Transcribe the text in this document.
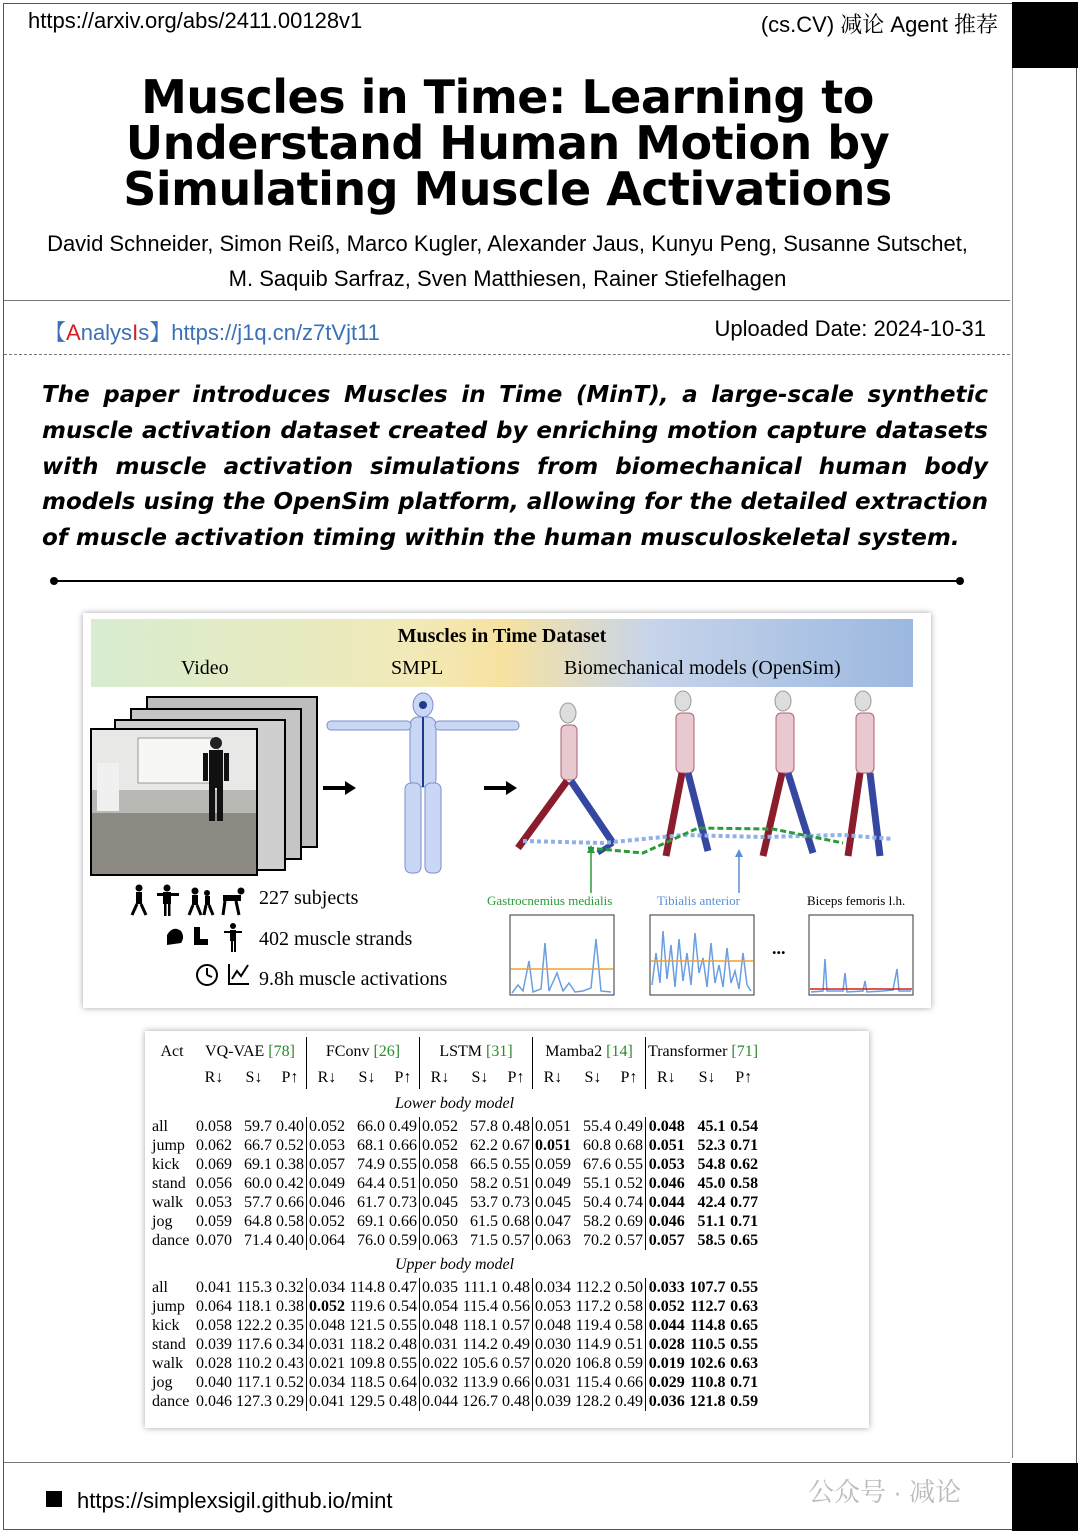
https://arxiv.org/abs/2411.00128v1	(cs.CV) 减论 Agent 推荐
Muscles in Time: Learning to Understand Human Motion by Simulating Muscle Activations
David Schneider, Simon Reiß, Marco Kugler, Alexander Jaus, Kunyu Peng, Susanne Sutschet, M. Saquib Sarfraz, Sven Matthiesen, Rainer Stiefelhagen
【AnalysIs】https://j1q.cn/z7tVjt11	Uploaded Date: 2024-10-31
The paper introduces Muscles in Time (MinT), a large-scale synthetic muscle activation dataset created by enriching motion capture datasets with muscle activation simulations from biomechanical human body models using the OpenSim platform, allowing for the detailed extraction of muscle activation timing within the human musculoskeletal system.
Muscles in Time Dataset
Video	SMPL	Biomechanical models (OpenSim)
227 subjects
402 muscle strands
9.8h muscle activations
Gastrocnemius medialis	Tibialis anterior	Biceps femoris l.h.
...
Act	VQ-VAE [78]			FConv [26]			LSTM [31]			Mamba2 [14]			Transformer [71]		
	R↓	S↓	P↑	R↓	S↓	P↑	R↓	S↓	P↑	R↓	S↓	P↑	R↓	S↓	P↑
Lower body model															
all	0.058	59.7	0.40	0.052	66.0	0.49	0.052	57.8	0.48	0.051	55.4	0.49	0.048	45.1	0.54
jump	0.062	66.7	0.52	0.053	68.1	0.66	0.052	62.2	0.67	0.051	60.8	0.68	0.051	52.3	0.71
kick	0.069	69.1	0.38	0.057	74.9	0.55	0.058	66.5	0.55	0.059	67.6	0.55	0.053	54.8	0.62
stand	0.056	60.0	0.42	0.049	64.4	0.51	0.050	58.2	0.51	0.049	55.1	0.52	0.046	45.0	0.58
walk	0.053	57.7	0.66	0.046	61.7	0.73	0.045	53.7	0.73	0.045	50.4	0.74	0.044	42.4	0.77
jog	0.059	64.8	0.58	0.052	69.1	0.66	0.050	61.5	0.68	0.047	58.2	0.69	0.046	51.1	0.71
dance	0.070	71.4	0.40	0.064	76.0	0.59	0.063	71.5	0.57	0.063	70.2	0.57	0.057	58.5	0.65
Upper body model															
all	0.041	115.3	0.32	0.034	114.8	0.47	0.035	111.1	0.48	0.034	112.2	0.50	0.033	107.7	0.55
jump	0.064	118.1	0.38	0.052	119.6	0.54	0.054	115.4	0.56	0.053	117.2	0.58	0.052	112.7	0.63
kick	0.058	122.2	0.35	0.048	121.5	0.55	0.048	118.1	0.57	0.048	119.4	0.58	0.044	114.8	0.65
stand	0.039	117.6	0.34	0.031	118.2	0.48	0.031	114.2	0.49	0.030	114.9	0.51	0.028	110.5	0.55
walk	0.028	110.2	0.43	0.021	109.8	0.55	0.022	105.6	0.57	0.020	106.8	0.59	0.019	102.6	0.63
jog	0.040	117.1	0.52	0.034	118.5	0.64	0.032	113.9	0.66	0.031	115.4	0.66	0.029	110.8	0.71
dance	0.046	127.3	0.29	0.041	129.5	0.48	0.044	126.7	0.48	0.039	128.2	0.49	0.036	121.8	0.59
https://simplexsigil.github.io/mint	公众号 · 减论
